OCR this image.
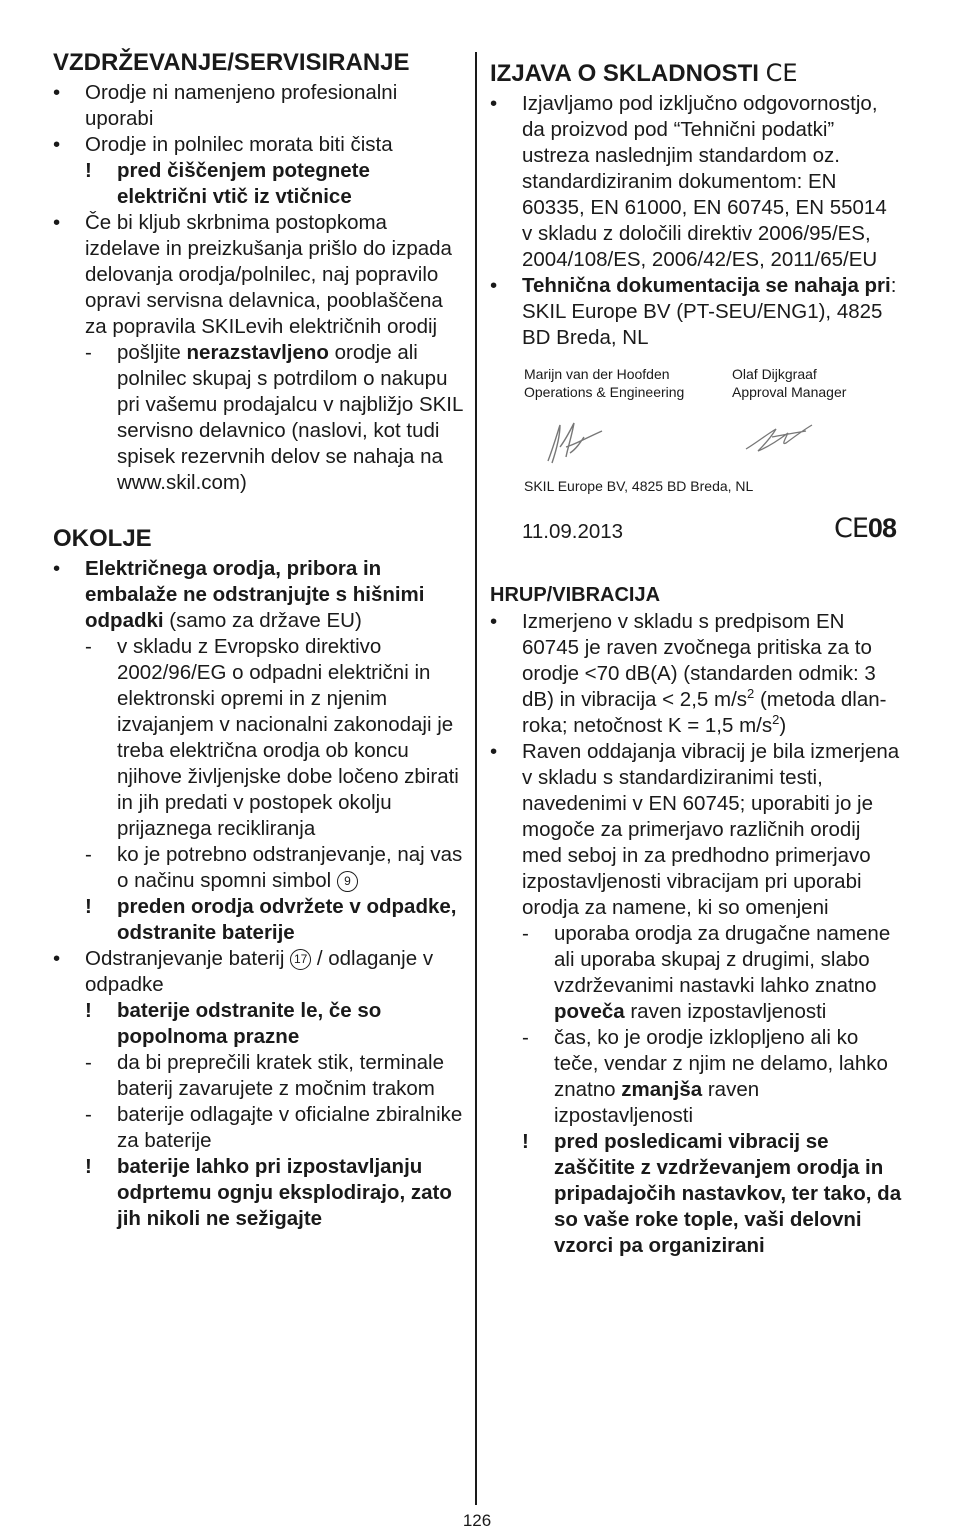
VZDRŽEVANJE/SERVISIRANJE

•	Orodje ni namenjeno profesionalni uporabi

•	Orodje in polnilec morata biti čista

!	pred čiščenjem potegnete električni vtič iz vtičnice

•	Če bi kljub skrbnima postopkoma izdelave in preizkušanja prišlo do izpada delovanja orodja/polnilec, naj popravilo opravi servisna delavnica, pooblaščena za popravila SKILevih električnih orodij

-	pošljite nerazstavljeno orodje ali polnilec skupaj s potrdilom o nakupu pri vašemu prodajalcu v najbližjo SKIL servisno delavnico (naslovi, kot tudi spisek rezervnih delov se nahaja na www.skil.com)

OKOLJE

•	Električnega orodja, pribora in embalaže ne odstranjujte s hišnimi odpadki (samo za države EU)

-	v skladu z Evropsko direktivo 2002/96/EG o odpadni električni in elektronski opremi in z njenim izvajanjem v nacionalni zakonodaji je treba električna orodja ob koncu njihove življenjske dobe ločeno zbirati in jih predati v postopek okolju prijaznega recikliranja

-	ko je potrebno odstranjevanje, naj vas o načinu spomni simbol 9

!	preden orodja odvržete v odpadke, odstranite baterije

•	Odstranjevanje baterij 17 / odlaganje v odpadke

!	baterije odstranite le, če so popolnoma prazne

-	da bi preprečili kratek stik, terminale baterij zavarujete z močnim trakom

-	baterije odlagajte v oficialne zbiralnike za baterije

!	baterije lahko pri izpostavljanju odprtemu ognju eksplodirajo, zato jih nikoli ne sežigajte

IZJAVA O SKLADNOSTI CE

•	Izjavljamo pod izključno odgovornostjo, da proizvod pod “Tehnični podatki” ustreza naslednjim standardom oz. standardiziranim dokumentom: EN 60335, EN 61000, EN 60745, EN 55014 v skladu z določili direktiv 2006/95/ES, 2004/108/ES, 2006/42/ES, 2011/65/EU

•	Tehnična dokumentacija se nahaja pri: SKIL Europe BV (PT-SEU/ENG1), 4825 BD Breda, NL

Marijn van der Hoofden
Operations & Engineering
Olaf Dijkgraaf
Approval Manager
SKIL Europe BV, 4825 BD Breda, NL
11.09.2013	CE08
HRUP/VIBRACIJA

•	Izmerjeno v skladu s predpisom EN 60745 je raven zvočnega pritiska za to orodje <70 dB(A) (standarden odmik: 3 dB) in vibracija < 2,5 $m/s^2$ (metoda dlan-roka; netočnost K = 1,5 $m/s^2$)

•	Raven oddajanja vibracij je bila izmerjena v skladu s standardiziranimi testi, navedenimi v EN 60745; uporabiti jo je mogoče za primerjavo različnih orodij med seboj in za predhodno primerjavo izpostavljenosti vibracijam pri uporabi orodja za namene, ki so omenjeni

-	uporaba orodja za drugačne namene ali uporaba skupaj z drugimi, slabo vzdrževanimi nastavki lahko znatno poveča raven izpostavljenosti

-	čas, ko je orodje izklopljeno ali ko teče, vendar z njim ne delamo, lahko znatno zmanjša raven izpostavljenosti

!	pred posledicami vibracij se zaščitite z vzdrževanjem orodja in pripadajočih nastavkov, ter tako, da so vaše roke tople, vaši delovni vzorci pa organizirani

126
